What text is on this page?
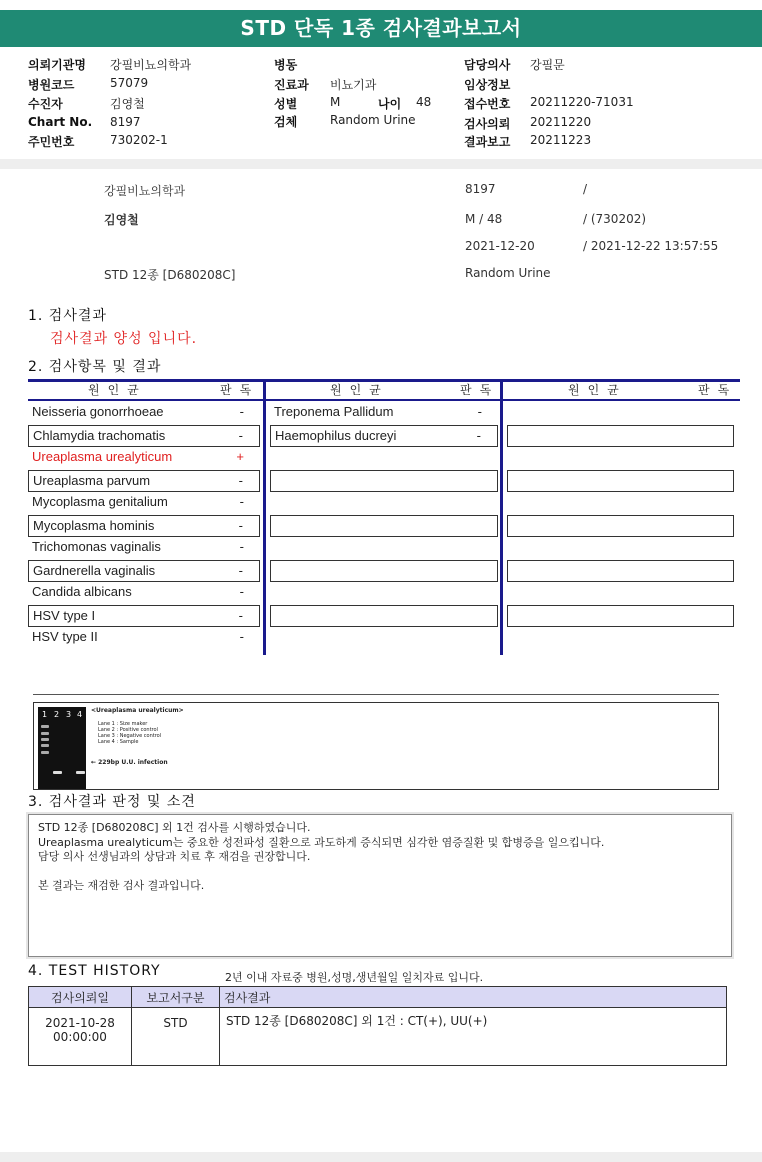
STD 단독 1종 검사결과보고서
의뢰기관명 강필비뇨의학과
병원코드	57079
수진자	김영철
Chart No. 8197
주민번호	730202-1
병동
진료과 비뇨기과
성별	M	나이 48
검체	Random Urine
담당의사 강필문
임상정보
접수번호 20211220-71031
검사의뢰 20211220
결과보고 20211223
강필비뇨의학과
김영철
STD 12종 [D680208C]
8197	/
M / 48	/ (730202)
2021-12-20	/ 2021-12-22 13:57:55
Random Urine
1. 검사결과
검사결과 양성 입니다.
2. 검사항목 및 결과
원인균	판독	원인균	판독	원인균	판독
Neisseria gonorrhoeae	-
Chlamydia trachomatis	-
Ureaplasma urealyticum	+
Ureaplasma parvum	-
Mycoplasma genitalium	-
Mycoplasma hominis	-
Trichomonas vaginalis	-
Gardnerella vaginalis	-
Candida albicans	-
HSV type I	-
HSV type II	-
Treponema Pallidum	-
Haemophilus ducreyi	-
1 2 3 4 <Ureaplasma urealyticum>
Lane 1 : Size maker
Lane 2 : Positive control
Lane 3 : Negative control
Lane 4 : Sample
← 229bp U.U. infection
3. 검사결과 판정 및 소견
STD 12종 [D680208C] 외 1건 검사를 시행하였습니다.
Ureaplasma urealyticum는 중요한 성전파성 질환으로 과도하게 증식되면 심각한 염증질환 및 합병증을 일으킵니다.
담당 의사 선생님과의 상담과 치료 후 재검을 권장합니다.
본 결과는 재검한 검사 결과입니다.
4. TEST HISTORY	2년 이내 자료중 병원,성명,생년월일 일치자료 입니다.
검사의뢰일	보고서구분	검사결과

2021-10-28
00:00:00	STD	STD 12종 [D680208C] 외 1건 : CT(+), UU(+)
